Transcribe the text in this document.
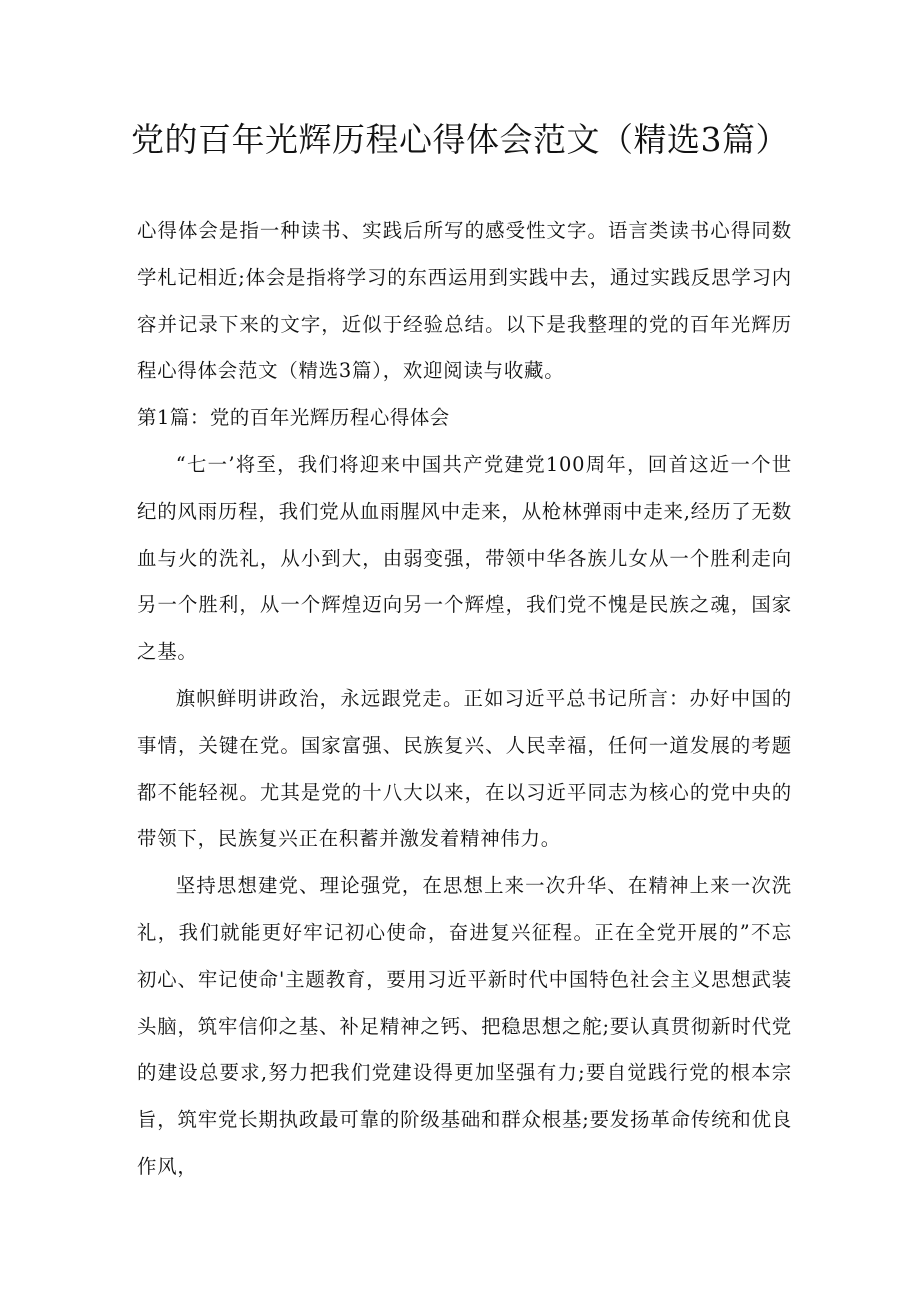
党的百年光辉历程心得体会范文（精选3篇）

心得体会是指一种读书、实践后所写的感受性文字。语言类读书心得同数学札记相近;体会是指将学习的东西运用到实践中去，通过实践反思学习内容并记录下来的文字，近似于经验总结。以下是我整理的党的百年光辉历程心得体会范文（精选3篇），欢迎阅读与收藏。

第1篇：党的百年光辉历程心得体会

“七一’将至，我们将迎来中国共产党建党100周年，回首这近一个世纪的风雨历程，我们党从血雨腥风中走来，从枪林弹雨中走来,经历了无数血与火的洗礼，从小到大，由弱变强，带领中华各族儿女从一个胜利走向另一个胜利，从一个辉煌迈向另一个辉煌，我们党不愧是民族之魂，国家之基。

旗帜鲜明讲政治，永远跟党走。正如习近平总书记所言：办好中国的事情，关键在党。国家富强、民族复兴、人民幸福，任何一道发展的考题都不能轻视。尤其是党的十八大以来，在以习近平同志为核心的党中央的带领下，民族复兴正在积蓄并激发着精神伟力。

坚持思想建党、理论强党，在思想上来一次升华、在精神上来一次洗礼，我们就能更好牢记初心使命，奋进复兴征程。正在全党开展的”不忘初心、牢记使命'主题教育，要用习近平新时代中国特色社会主义思想武装头脑，筑牢信仰之基、补足精神之钙、把稳思想之舵;要认真贯彻新时代党的建设总要求,努力把我们党建设得更加坚强有力;要自觉践行党的根本宗旨，筑牢党长期执政最可靠的阶级基础和群众根基;要发扬革命传统和优良作风，
